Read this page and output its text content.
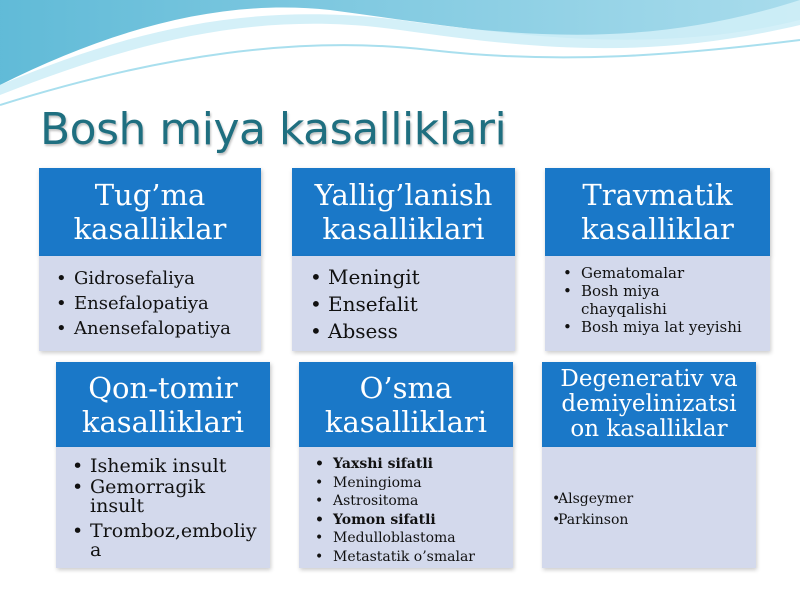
Bosh miya kasalliklari
Tug’ma
kasalliklar
• Gidrosefaliya
• Ensefalopatiya
• Anensefalopatiya
Yallig’lanish
kasalliklari
• Meningit
• Ensefalit
• Absess
Travmatik
kasalliklar
• Gematomalar
• Bosh miya
chayqalishi
• Bosh miya lat yeyishi
Qon-tomir
kasalliklari
• Ishemik insult
• Gemorragik
insult
• Tromboz,emboliy
a
O’sma
kasalliklari
• Yaxshi sifatli
• Meningioma
• Astrositoma
• Yomon sifatli
• Medulloblastoma
• Metastatik o’smalar
Degenerativ va
demiyelinizatsi
on kasalliklar
• Alsgeymer
• Parkinson
